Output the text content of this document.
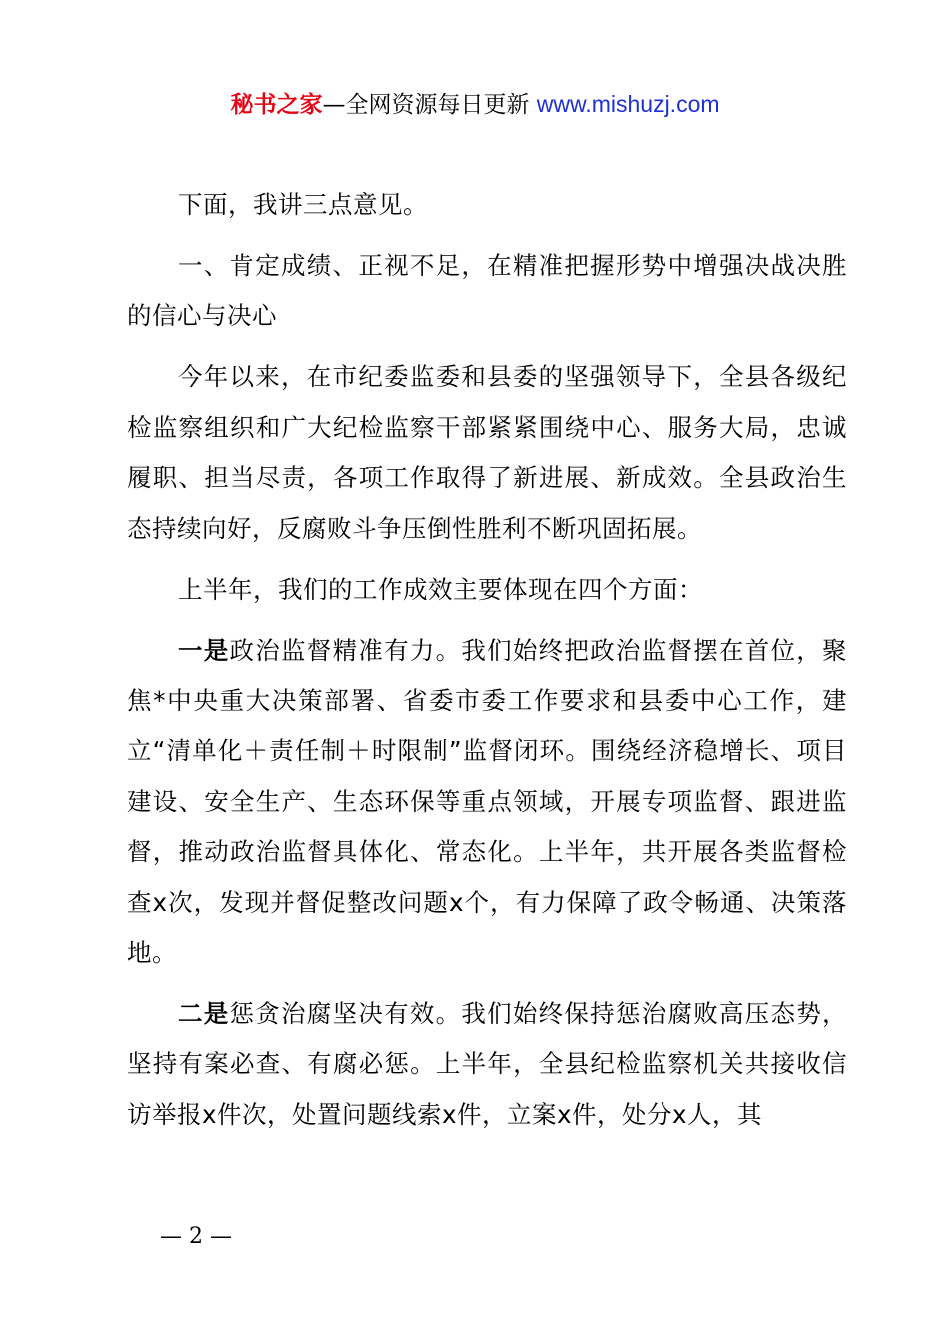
秘书之家—全网资源每日更新 www.mishuzj.com

下面，我讲三点意见。

一、肯定成绩、正视不足，在精准把握形势中增强决战决胜的信心与决心

今年以来，在市纪委监委和县委的坚强领导下，全县各级纪检监察组织和广大纪检监察干部紧紧围绕中心、服务大局，忠诚履职、担当尽责，各项工作取得了新进展、新成效。全县政治生态持续向好，反腐败斗争压倒性胜利不断巩固拓展。

上半年，我们的工作成效主要体现在四个方面：

一是政治监督精准有力。我们始终把政治监督摆在首位，聚焦*中央重大决策部署、省委市委工作要求和县委中心工作，建立“清单化＋责任制＋时限制”监督闭环。围绕经济稳增长、项目建设、安全生产、生态环保等重点领域，开展专项监督、跟进监督，推动政治监督具体化、常态化。上半年，共开展各类监督检查x次，发现并督促整改问题x个，有力保障了政令畅通、决策落地。

二是惩贪治腐坚决有效。我们始终保持惩治腐败高压态势，坚持有案必查、有腐必惩。上半年，全县纪检监察机关共接收信访举报x件次，处置问题线索x件，立案x件，处分x人，其

— 2 —
